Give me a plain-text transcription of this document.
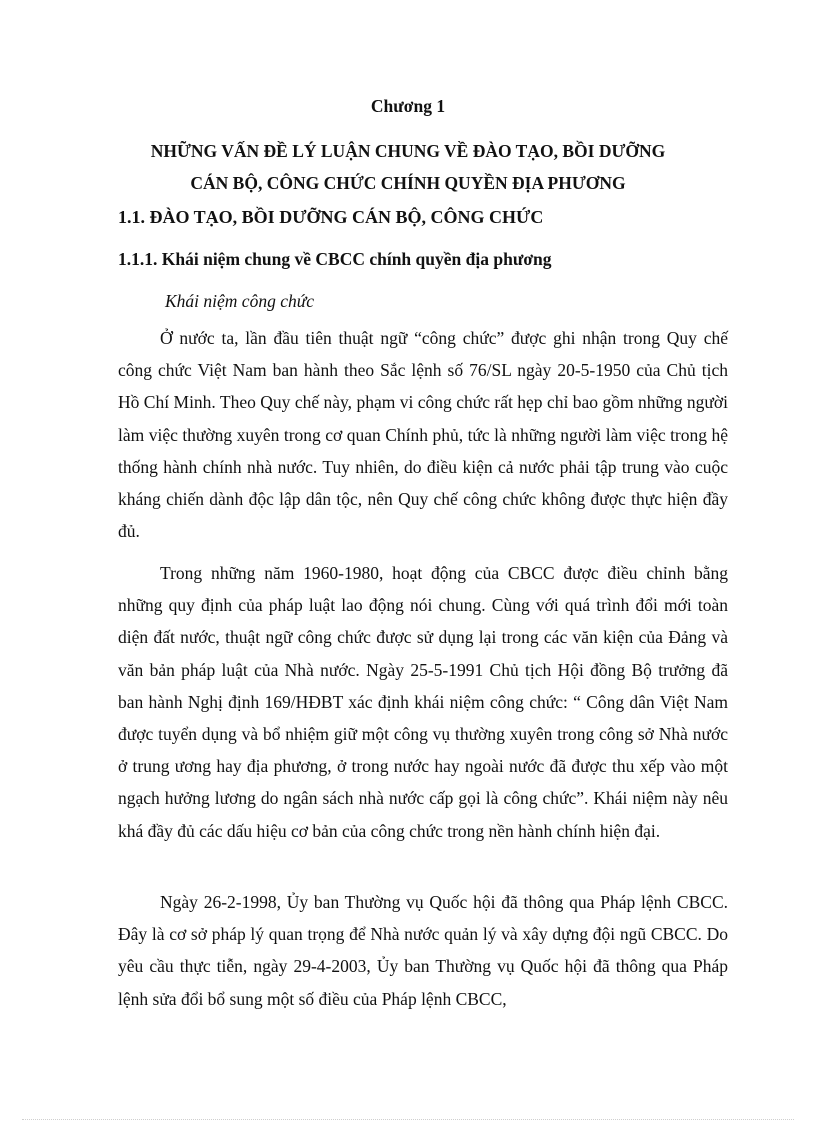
Chương 1
NHỮNG VẤN ĐỀ LÝ LUẬN CHUNG VỀ ĐÀO TẠO, BỒI DƯỠNG
CÁN BỘ, CÔNG CHỨC CHÍNH QUYỀN ĐỊA PHƯƠNG
1.1. ĐÀO TẠO, BỒI DƯỠNG CÁN BỘ, CÔNG CHỨC
1.1.1. Khái niệm chung về CBCC chính quyền địa phương
Khái niệm công chức

Ở nước ta, lần đầu tiên thuật ngữ “công chức” được ghi nhận trong Quy chế công chức Việt Nam ban hành theo Sắc lệnh số 76/SL ngày 20-5-1950 của Chủ tịch Hồ Chí Minh. Theo Quy chế này, phạm vi công chức rất hẹp chỉ bao gồm những người làm việc thường xuyên trong cơ quan Chính phủ, tức là những người làm việc trong hệ thống hành chính nhà nước. Tuy nhiên, do điều kiện cả nước phải tập trung vào cuộc kháng chiến dành độc lập dân tộc, nên Quy chế công chức không được thực hiện đầy đủ.

Trong những năm 1960-1980, hoạt động của CBCC được điều chỉnh bằng những quy định của pháp luật lao động nói chung. Cùng với quá trình đổi mới toàn diện đất nước, thuật ngữ công chức được sử dụng lại trong các văn kiện của Đảng và văn bản pháp luật của Nhà nước. Ngày 25-5-1991 Chủ tịch Hội đồng Bộ trưởng đã ban hành Nghị định 169/HĐBT xác định khái niệm công chức: “ Công dân Việt Nam được tuyển dụng và bổ nhiệm giữ một công vụ thường xuyên trong công sở Nhà nước ở trung ương hay địa phương, ở trong nước hay ngoài nước đã được thu xếp vào một ngạch hưởng lương do ngân sách nhà nước cấp gọi là công chức”. Khái niệm này nêu khá đầy đủ các dấu hiệu cơ bản của công chức trong nền hành chính hiện đại.

Ngày 26-2-1998, Ủy ban Thường vụ Quốc hội đã thông qua Pháp lệnh CBCC. Đây là cơ sở pháp lý quan trọng để Nhà nước quản lý và xây dựng đội ngũ CBCC. Do yêu cầu thực tiễn, ngày 29-4-2003, Ủy ban Thường vụ Quốc hội đã thông qua Pháp lệnh sửa đổi bổ sung một số điều của Pháp lệnh CBCC,
